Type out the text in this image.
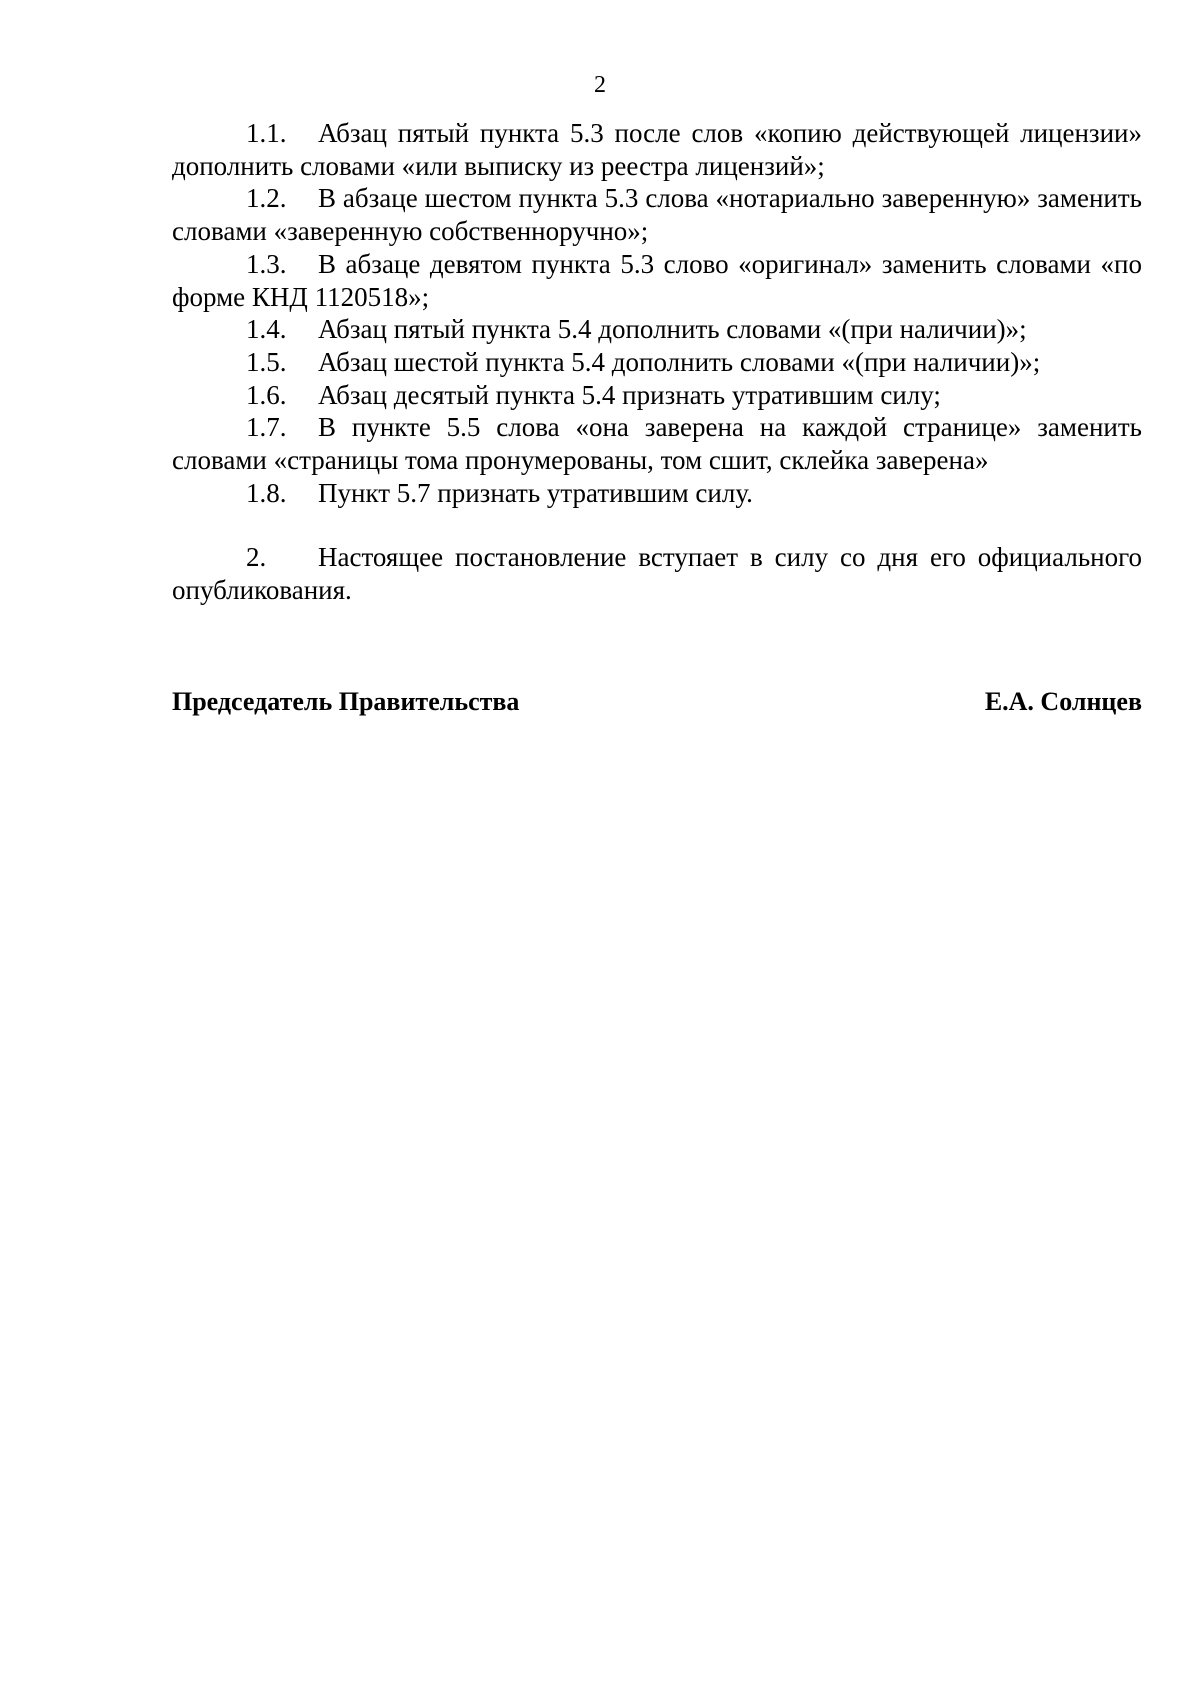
2

1.1. Абзац пятый пункта 5.3 после слов «копию действующей лицензии» дополнить словами «или выписку из реестра лицензий»;

1.2. В абзаце шестом пункта 5.3 слова «нотариально заверенную» заменить словами «заверенную собственноручно»;

1.3. В абзаце девятом пункта 5.3 слово «оригинал» заменить словами «по форме КНД 1120518»;

1.4. Абзац пятый пункта 5.4 дополнить словами «(при наличии)»;

1.5. Абзац шестой пункта 5.4 дополнить словами «(при наличии)»;

1.6. Абзац десятый пункта 5.4 признать утратившим силу;

1.7. В пункте 5.5 слова «она заверена на каждой странице» заменить словами «страницы тома пронумерованы, том сшит, склейка заверена»

1.8. Пункт 5.7 признать утратившим силу.

2. Настоящее постановление вступает в силу со дня его официального опубликования.

Председатель Правительства	Е.А. Солнцев
